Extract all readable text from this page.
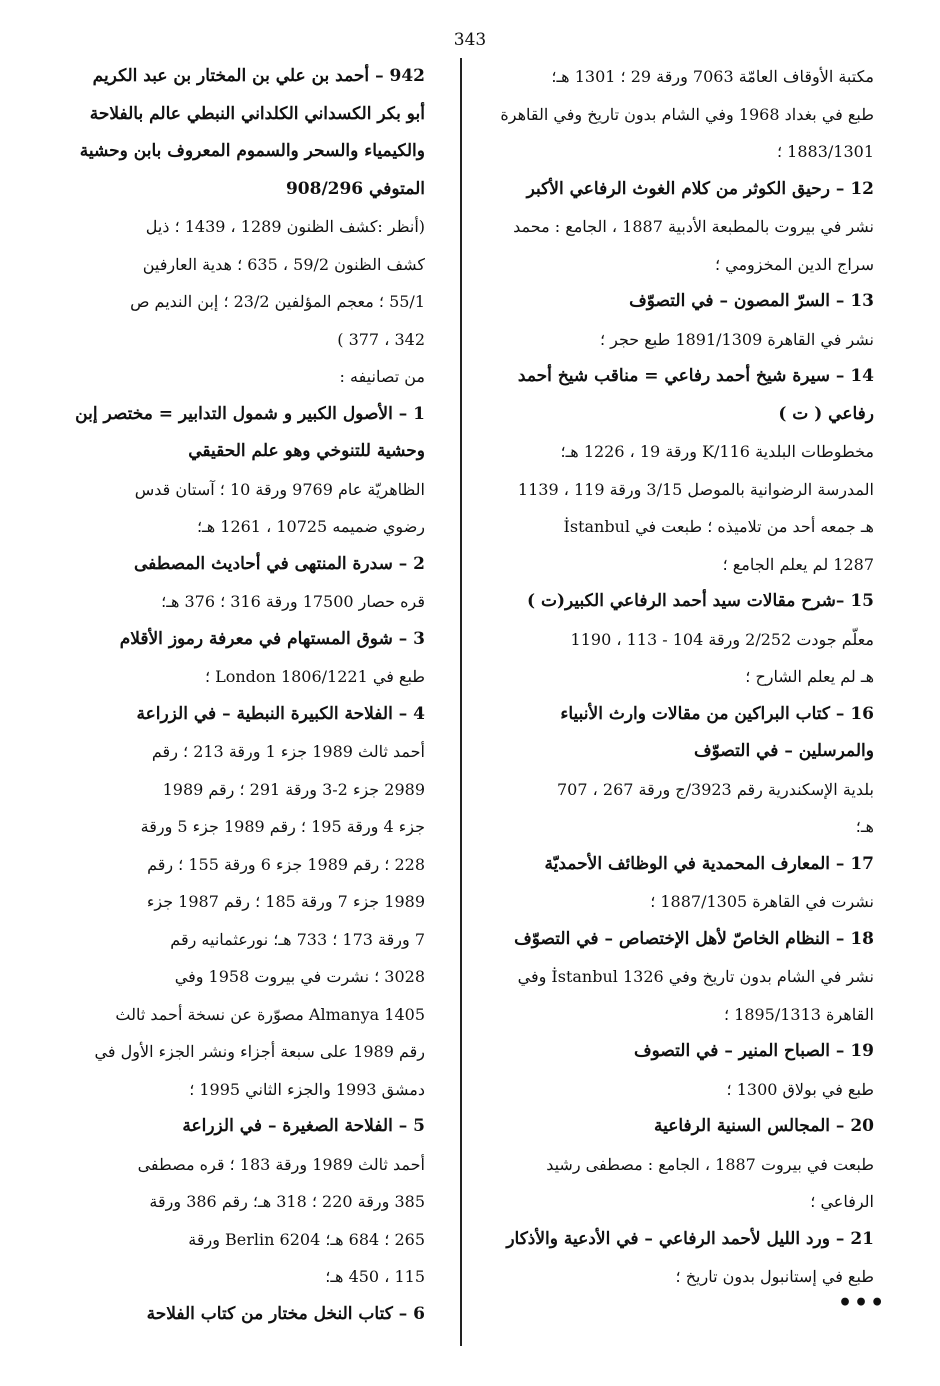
343
مكتبة الأوقاف العامّة 7063 ورقة 29 ؛ 1301 هـ؛
طبع في بغداد 1968 وفي الشام بدون تاريخ وفي القاهرة
1883/1301 ؛
12 – رحيق الكوثر من كلام الغوث الرفاعي الأكبر
نشر في بيروت بالمطبعة الأدبية 1887 ، الجامع : محمد
سراج الدين المخزومي ؛
13 – السرّ المصون – في التصوّف
نشر في القاهرة 1891/1309 طبع حجر ؛
14 – سيرة شيخ أحمد رفاعي = مناقب شيخ أحمد
رفاعي ( ت )
مخطوطات البلدية 116/K ورقة 19 ، 1226 هـ؛
المدرسة الرضوانية بالموصل 3/15 ورقة 119 ، 1139
هـ جمعه أحد من تلاميذه ؛ طبعت في İstanbul
1287 لم يعلم الجامع ؛
15 –شرح مقالات سيد أحمد الرفاعي الكبير(ت )
معلّم جودت 2/252 ورقة 104 - 113 ، 1190
هـ لم يعلم الشارح ؛
16 – كتاب البراكين من مقالات وارث الأنبياء
والمرسلين – في التصوّف
بلدية الإسكندرية رقم 3923/ج ورقة 267 ، 707
هـ؛
17 – المعارف المحمدية في الوظائف الأحمديّة
نشرت في القاهرة 1887/1305 ؛
18 – النظام الخاصّ لأهل الإختصاص – في التصوّف
نشر في الشام بدون تاريخ وفي İstanbul 1326 وفي
القاهرة 1895/1313 ؛
19 – الصباح المنير – في التصوف
طبع في بولاق 1300 ؛
20 – المجالس السنية الرفاعية
طبعت في بيروت 1887 ، الجامع : مصطفى رشيد
الرفاعي ؛
21 – ورد الليل لأحمد الرفاعي – في الأدعية والأذكار
طبع في إستانبول بدون تاريخ ؛
942 – أحمد بن علي بن المختار بن عبد الكريم
أبو بكر الكسداني الكلداني النبطي عالم بالفلاحة
والكيمياء والسحر والسموم المعروف بابن وحشية
المتوفي 908/296
(أنظر :كشف الظنون 1289 ، 1439 ؛ ذيل
كشف الظنون 59/2 ، 635 ؛ هدية العارفين
55/1 ؛ معجم المؤلفين 23/2 ؛ إبن النديم ص
342 ، 377 )
من تصانيفه :
1 – الأصول الكبير و شمول التدابير = مختصر إبن
وحشية للتنوخي وهو علم الحقيقي
الظاهريّة عام 9769 ورقة 10 ؛ آستان قدس
رضوي ضميمه 10725 ، 1261 هـ؛
2 – سدرة المنتهى في أحاديث المصطفى
قره حصار 17500 ورقة 316 ؛ 376 هـ؛
3 – شوق المستهام في معرفة رموز الأقلام
طبع في London 1806/1221 ؛
4 – الفلاحة الكبيرة النبطية – في الزراعة
أحمد ثالث 1989 جزء 1 ورقة 213 ؛ رقم
2989 جزء 2-3 ورقة 291 ؛ رقم 1989
جزء 4 ورقة 195 ؛ رقم 1989 جزء 5 ورقة
228 ؛ رقم 1989 جزء 6 ورقة 155 ؛ رقم
1989 جزء 7 ورقة 185 ؛ رقم 1987 جزء
7 ورقة 173 ؛ 733 هـ؛ نورعثمانيه رقم
3028 ؛ نشرت في بيروت 1958 وفي
Almanya 1405 مصوّرة عن نسخة أحمد ثالث
رقم 1989 على سبعة أجزاء ونشر الجزء الأول في
دمشق 1993 والجزء الثاني 1995 ؛
5 – الفلاحة الصغيرة – في الزراعة
أحمد ثالث 1989 ورقة 183 ؛ قره مصطفى
385 ورقة 220 ؛ 318 هـ؛ رقم 386 ورقة
265 ؛ 684 هـ؛ Berlin 6204 ورقة
115 ، 450 هـ؛
6 – كتاب النخل مختار من كتاب الفلاحة	•••
